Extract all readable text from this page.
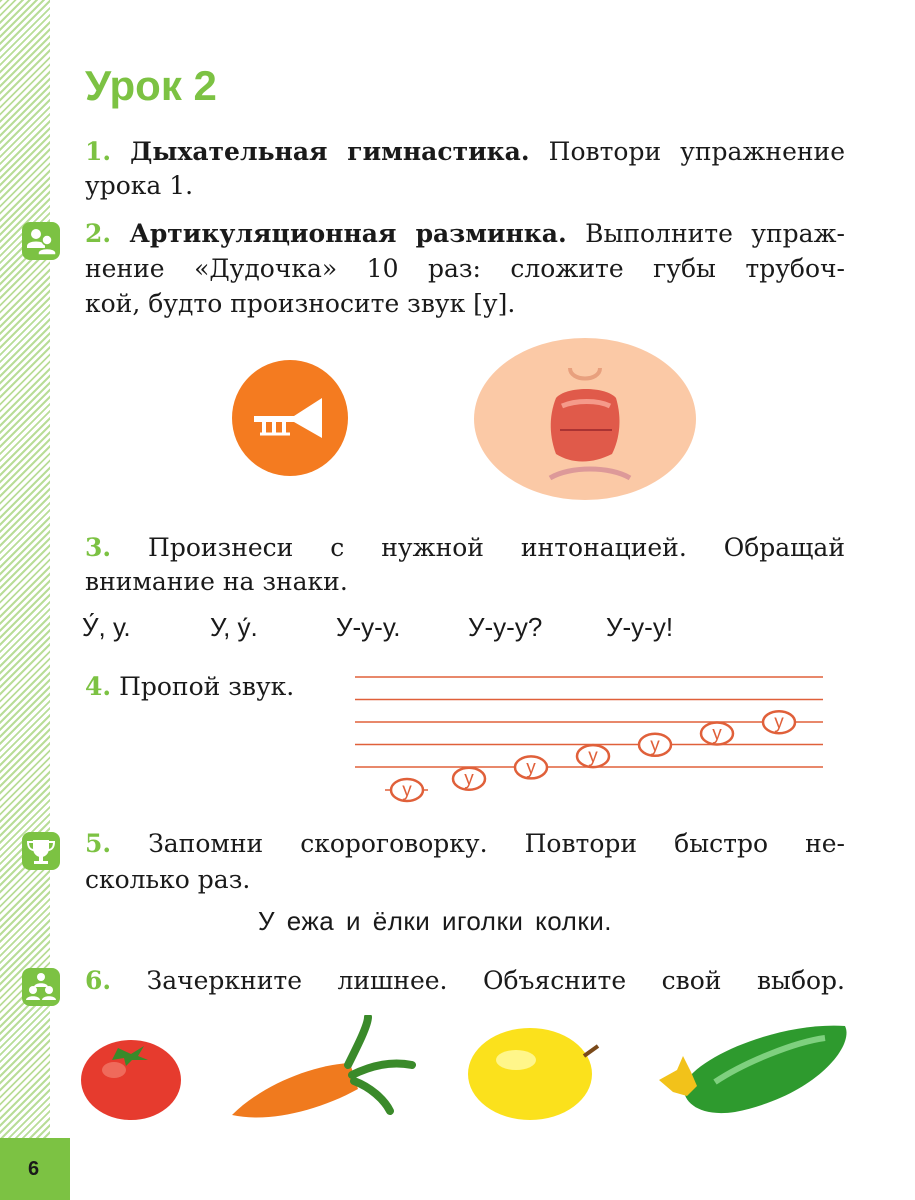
6
Урок 2
1. Дыхательная гимнастика. Повтори упражнение
урока 1.
2. Артикуляционная разминка. Выполните упраж-
нение «Дудочка» 10 раз: сложите губы трубоч-
кой, будто произносите звук [у].
3. Произнеси с нужной интонацией. Обращай
внимание на знаки.
У́, у.	У, у́.	У-у-у.	У-у-у? У-у-у!
4. Пропой звук.
у
у
у
у
у
у
у
5. Запомни скороговорку. Повтори быстро не-
сколько раз.
У ежа и ёлки иголки колки.
6. Зачеркните лишнее. Объясните свой выбор.
